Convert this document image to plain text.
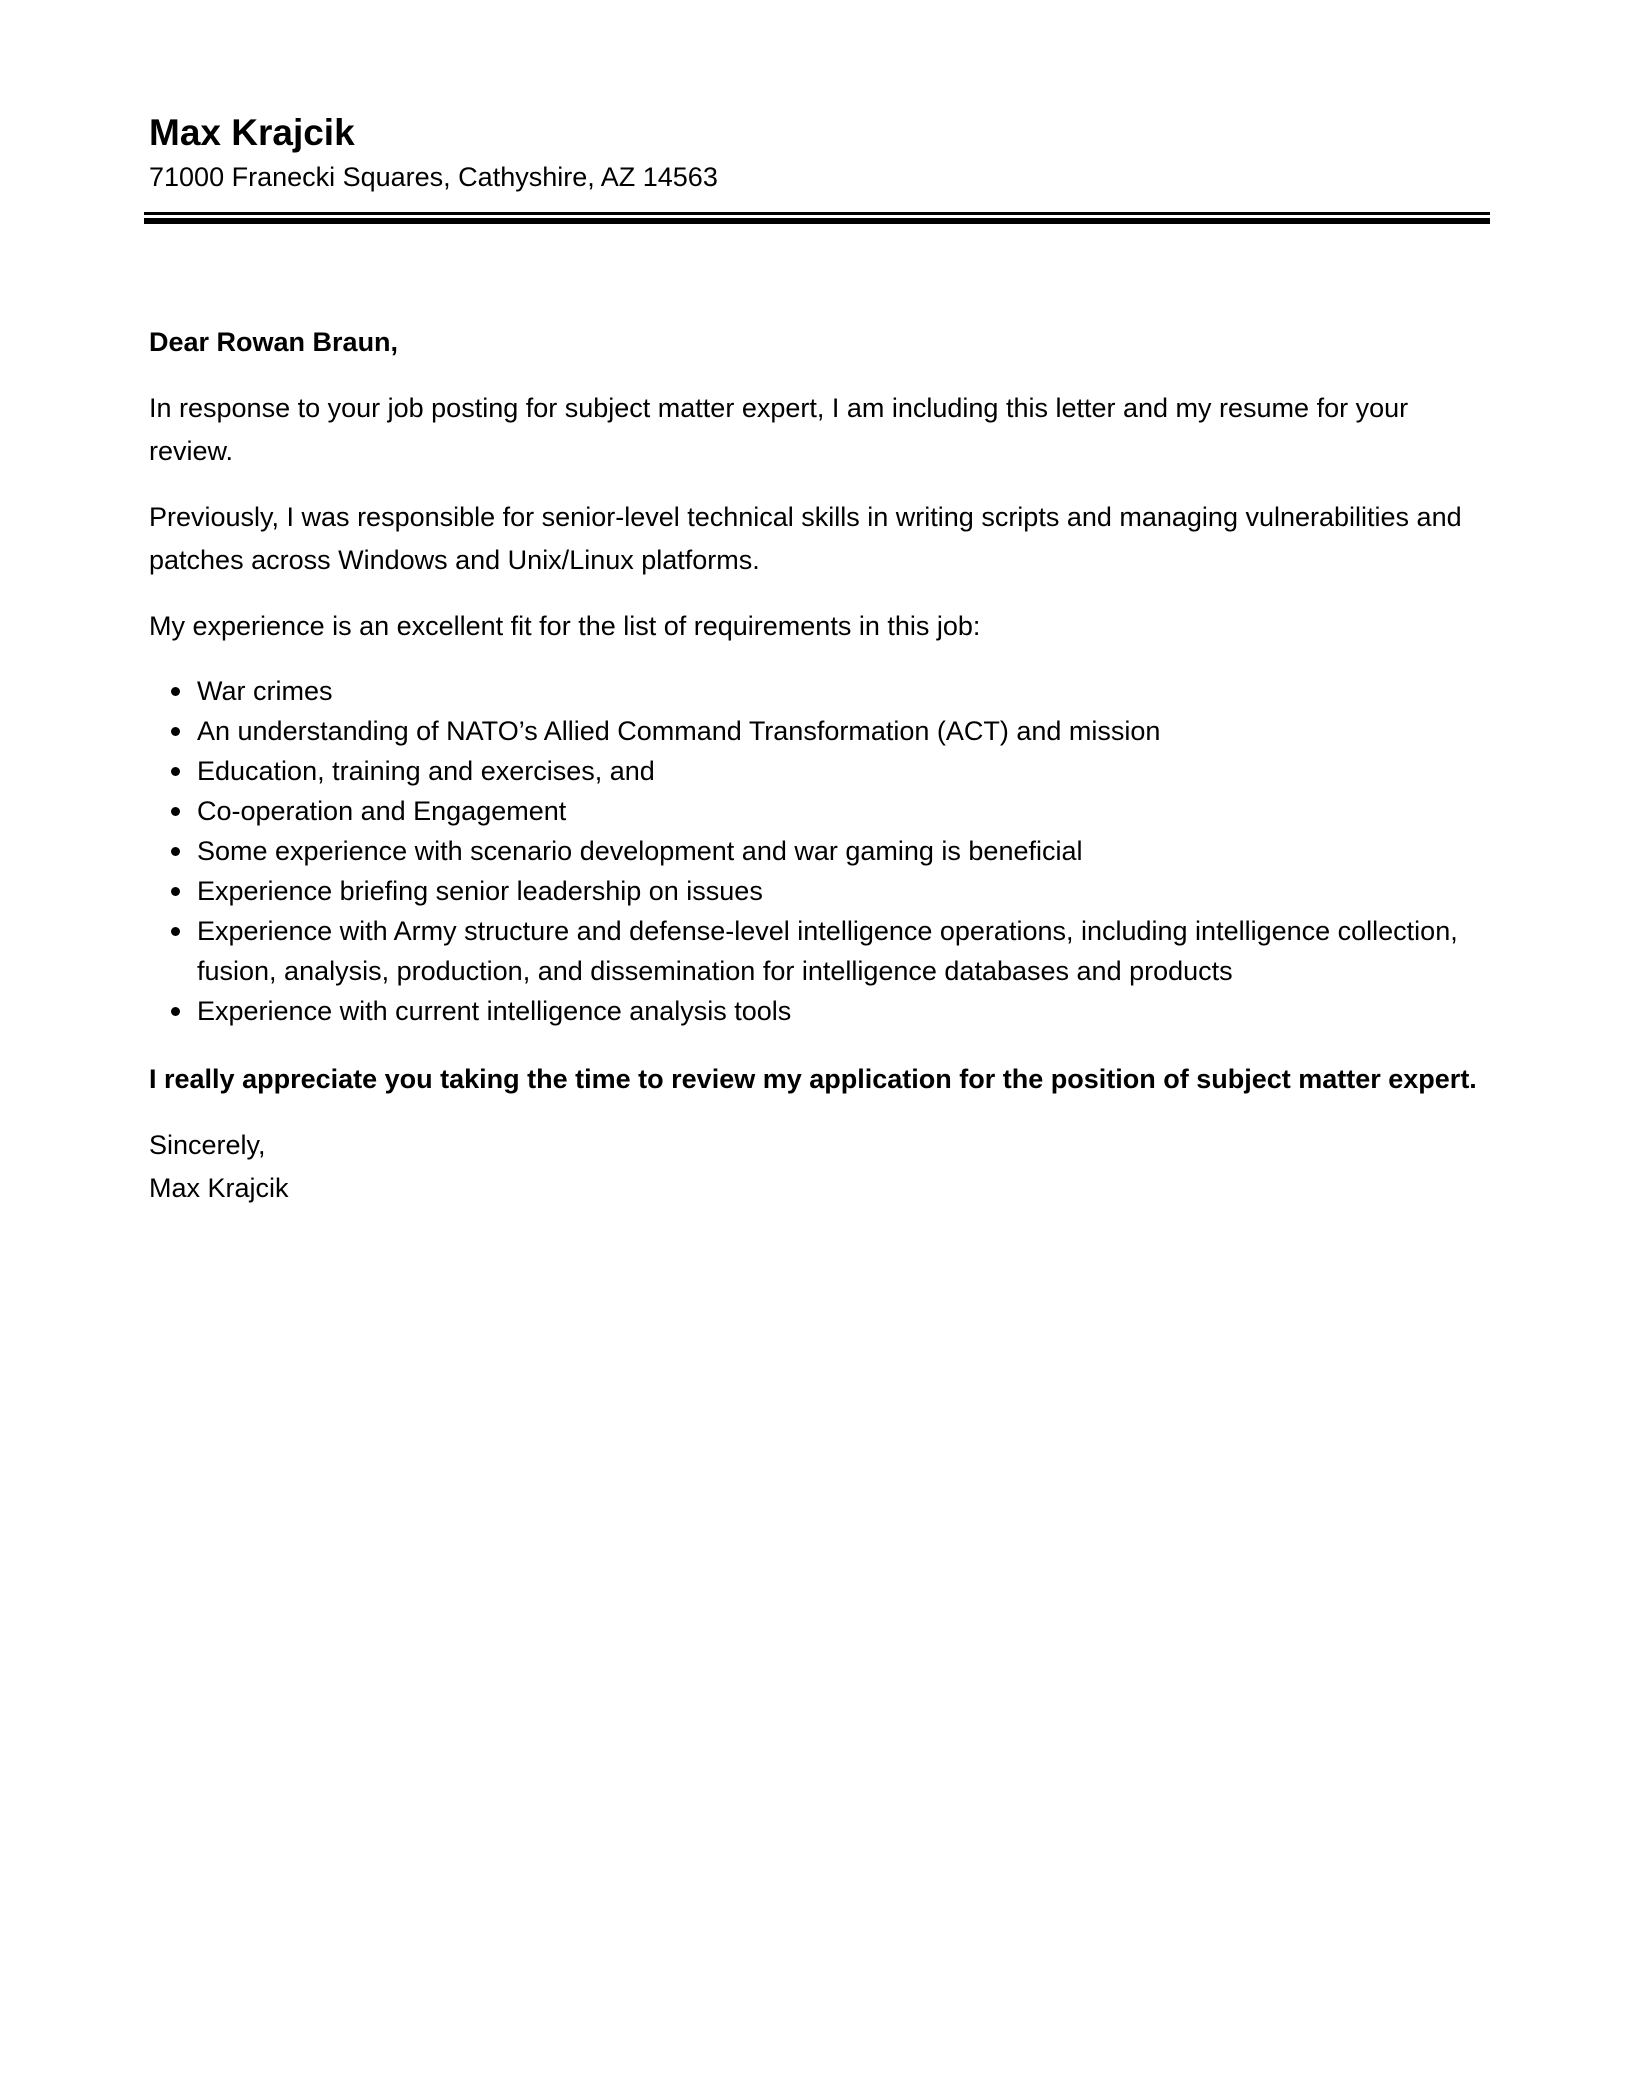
Max Krajcik
71000 Franecki Squares, Cathyshire, AZ 14563

Dear Rowan Braun,

In response to your job posting for subject matter expert, I am including this letter and my resume for your review.

Previously, I was responsible for senior-level technical skills in writing scripts and managing vulnerabilities and patches across Windows and Unix/Linux platforms.

My experience is an excellent fit for the list of requirements in this job:

War crimes
An understanding of NATO’s Allied Command Transformation (ACT) and mission
Education, training and exercises, and
Co-operation and Engagement
Some experience with scenario development and war gaming is beneficial
Experience briefing senior leadership on issues
Experience with Army structure and defense-level intelligence operations, including intelligence collection, fusion, analysis, production, and dissemination for intelligence databases and products
Experience with current intelligence analysis tools

I really appreciate you taking the time to review my application for the position of subject matter expert.

Sincerely,
Max Krajcik
